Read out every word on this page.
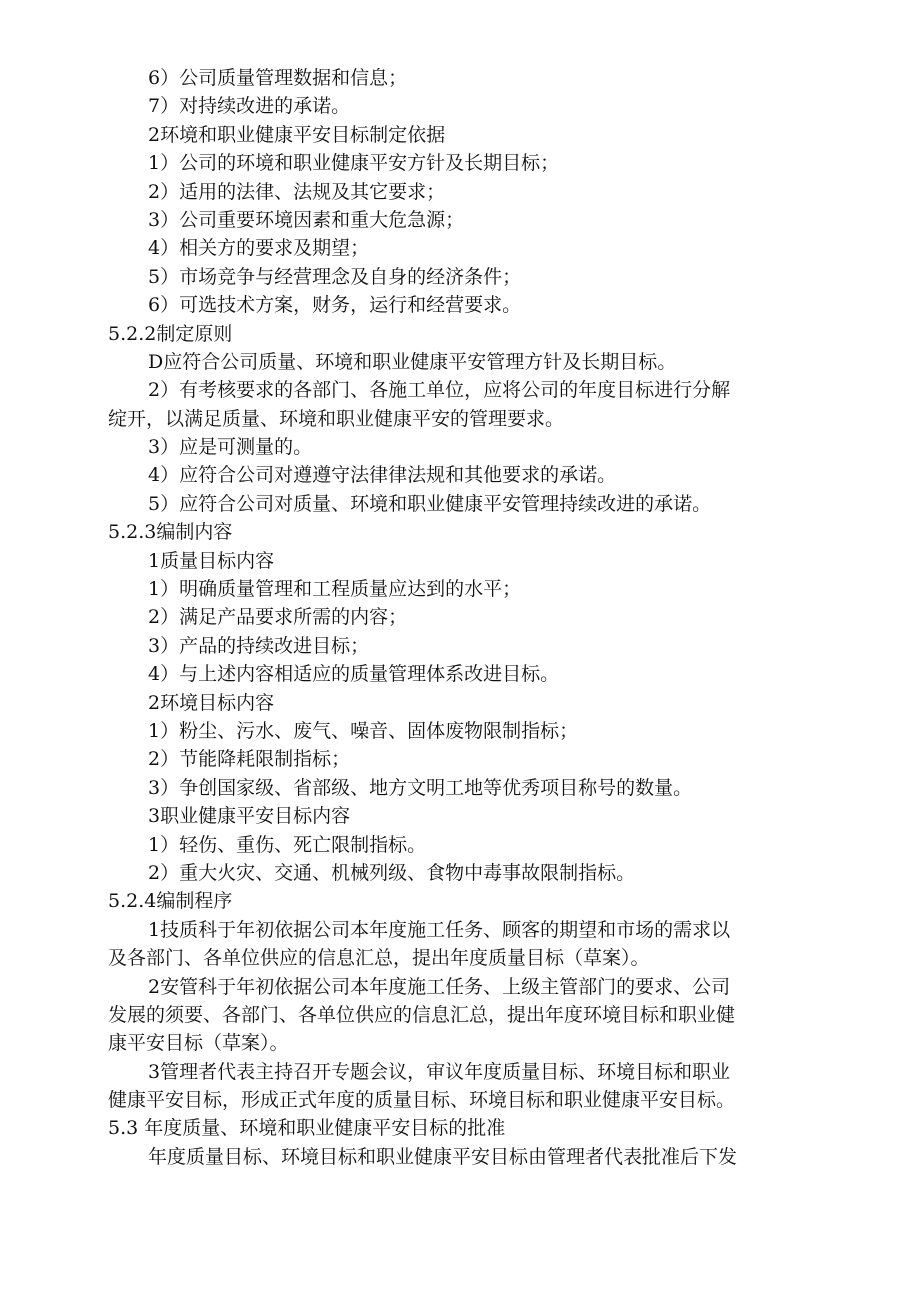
6）公司质量管理数据和信息；

7）对持续改进的承诺。

2环境和职业健康平安目标制定依据

1）公司的环境和职业健康平安方针及长期目标；

2）适用的法律、法规及其它要求；

3）公司重要环境因素和重大危急源；

4）相关方的要求及期望；

5）市场竞争与经营理念及自身的经济条件；

6）可选技术方案，财务，运行和经营要求。

5.2.2制定原则

D应符合公司质量、环境和职业健康平安管理方针及长期目标。

2）有考核要求的各部门、各施工单位，应将公司的年度目标进行分解

绽开，以满足质量、环境和职业健康平安的管理要求。

3）应是可测量的。

4）应符合公司对遵遵守法律律法规和其他要求的承诺。

5）应符合公司对质量、环境和职业健康平安管理持续改进的承诺。

5.2.3编制内容

1质量目标内容

1）明确质量管理和工程质量应达到的水平；

2）满足产品要求所需的内容；

3）产品的持续改进目标；

4）与上述内容相适应的质量管理体系改进目标。

2环境目标内容

1）粉尘、污水、废气、噪音、固体废物限制指标；

2）节能降耗限制指标；

3）争创国家级、省部级、地方文明工地等优秀项目称号的数量。

3职业健康平安目标内容

1）轻伤、重伤、死亡限制指标。

2）重大火灾、交通、机械列级、食物中毒事故限制指标。

5.2.4编制程序

1技质科于年初依据公司本年度施工任务、顾客的期望和市场的需求以

及各部门、各单位供应的信息汇总，提出年度质量目标（草案）。

2安管科于年初依据公司本年度施工任务、上级主管部门的要求、公司

发展的须要、各部门、各单位供应的信息汇总，提出年度环境目标和职业健

康平安目标（草案）。

3管理者代表主持召开专题会议，审议年度质量目标、环境目标和职业

健康平安目标，形成正式年度的质量目标、环境目标和职业健康平安目标。

5.3 年度质量、环境和职业健康平安目标的批准

年度质量目标、环境目标和职业健康平安目标由管理者代表批准后下发
